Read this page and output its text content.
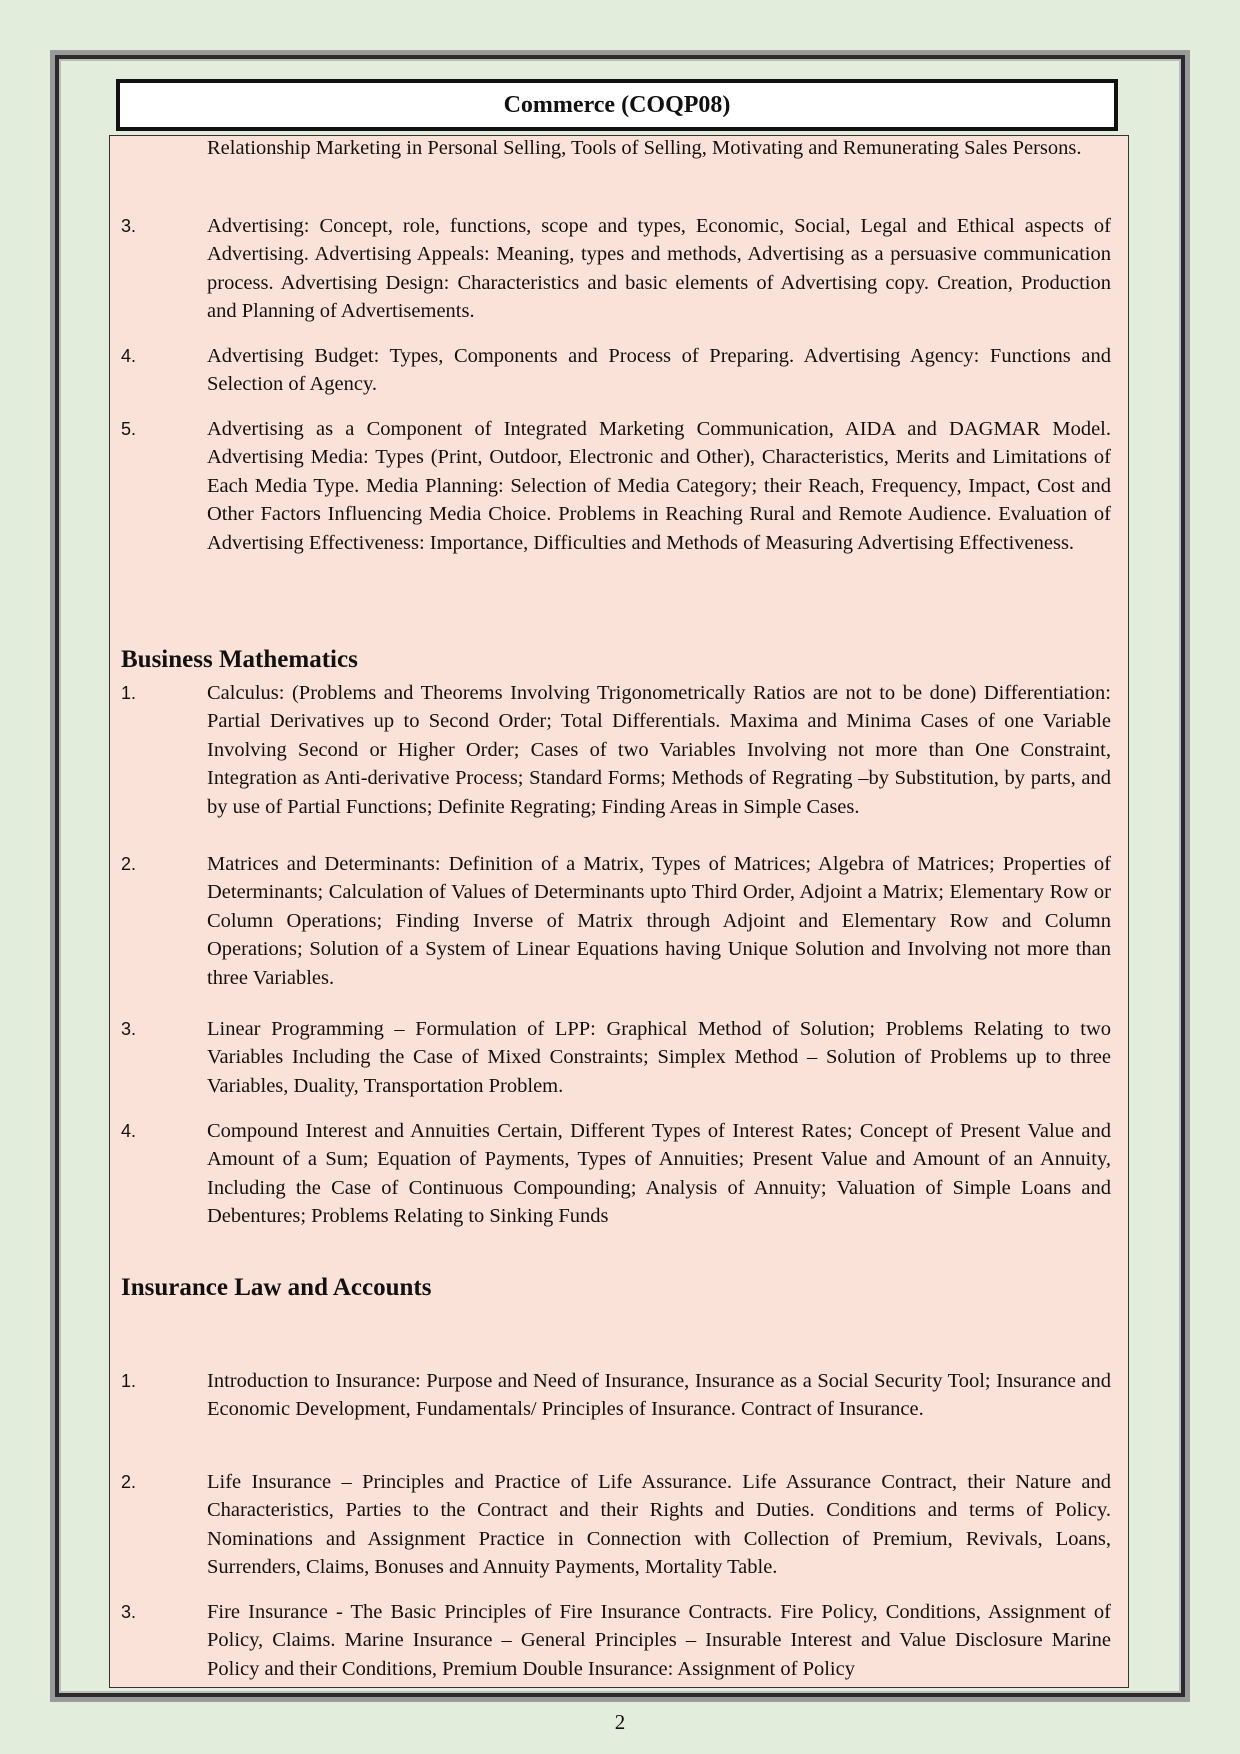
Commerce (COQP08)
Relationship Marketing in Personal Selling, Tools of Selling, Motivating and Remunerating Sales Persons.
3.	Advertising: Concept, role, functions, scope and types, Economic, Social, Legal and Ethical aspects of Advertising. Advertising Appeals: Meaning, types and methods, Advertising as a persuasive communication process. Advertising Design: Characteristics and basic elements of Advertising copy. Creation, Production and Planning of Advertisements.
4.	Advertising Budget: Types, Components and Process of Preparing. Advertising Agency: Functions and Selection of Agency.
5.	Advertising as a Component of Integrated Marketing Communication, AIDA and DAGMAR Model. Advertising Media: Types (Print, Outdoor, Electronic and Other), Characteristics, Merits and Limitations of Each Media Type. Media Planning: Selection of Media Category; their Reach, Frequency, Impact, Cost and Other Factors Influencing Media Choice. Problems in Reaching Rural and Remote Audience. Evaluation of Advertising Effectiveness: Importance, Difficulties and Methods of Measuring Advertising Effectiveness.
Business Mathematics
1.	Calculus: (Problems and Theorems Involving Trigonometrically Ratios are not to be done) Differentiation: Partial Derivatives up to Second Order; Total Differentials. Maxima and Minima Cases of one Variable Involving Second or Higher Order; Cases of two Variables Involving not more than One Constraint, Integration as Anti-derivative Process; Standard Forms; Methods of Regrating –by Substitution, by parts, and by use of Partial Functions; Definite Regrating; Finding Areas in Simple Cases.
2.	Matrices and Determinants: Definition of a Matrix, Types of Matrices; Algebra of Matrices; Properties of Determinants; Calculation of Values of Determinants upto Third Order, Adjoint a Matrix; Elementary Row or Column Operations; Finding Inverse of Matrix through Adjoint and Elementary Row and Column Operations; Solution of a System of Linear Equations having Unique Solution and Involving not more than three Variables.
3.	Linear Programming – Formulation of LPP: Graphical Method of Solution; Problems Relating to two Variables Including the Case of Mixed Constraints; Simplex Method – Solution of Problems up to three Variables, Duality, Transportation Problem.
4.	Compound Interest and Annuities Certain, Different Types of Interest Rates; Concept of Present Value and Amount of a Sum; Equation of Payments, Types of Annuities; Present Value and Amount of an Annuity, Including the Case of Continuous Compounding; Analysis of Annuity; Valuation of Simple Loans and Debentures; Problems Relating to Sinking Funds
Insurance Law and Accounts
1.	Introduction to Insurance: Purpose and Need of Insurance, Insurance as a Social Security Tool; Insurance and Economic Development, Fundamentals/ Principles of Insurance. Contract of Insurance.
2.	Life Insurance – Principles and Practice of Life Assurance. Life Assurance Contract, their Nature and Characteristics, Parties to the Contract and their Rights and Duties. Conditions and terms of Policy. Nominations and Assignment Practice in Connection with Collection of Premium, Revivals, Loans, Surrenders, Claims, Bonuses and Annuity Payments, Mortality Table.
3.	Fire Insurance - The Basic Principles of Fire Insurance Contracts. Fire Policy, Conditions, Assignment of Policy, Claims. Marine Insurance – General Principles – Insurable Interest and Value Disclosure Marine Policy and their Conditions, Premium Double Insurance: Assignment of Policy
2
